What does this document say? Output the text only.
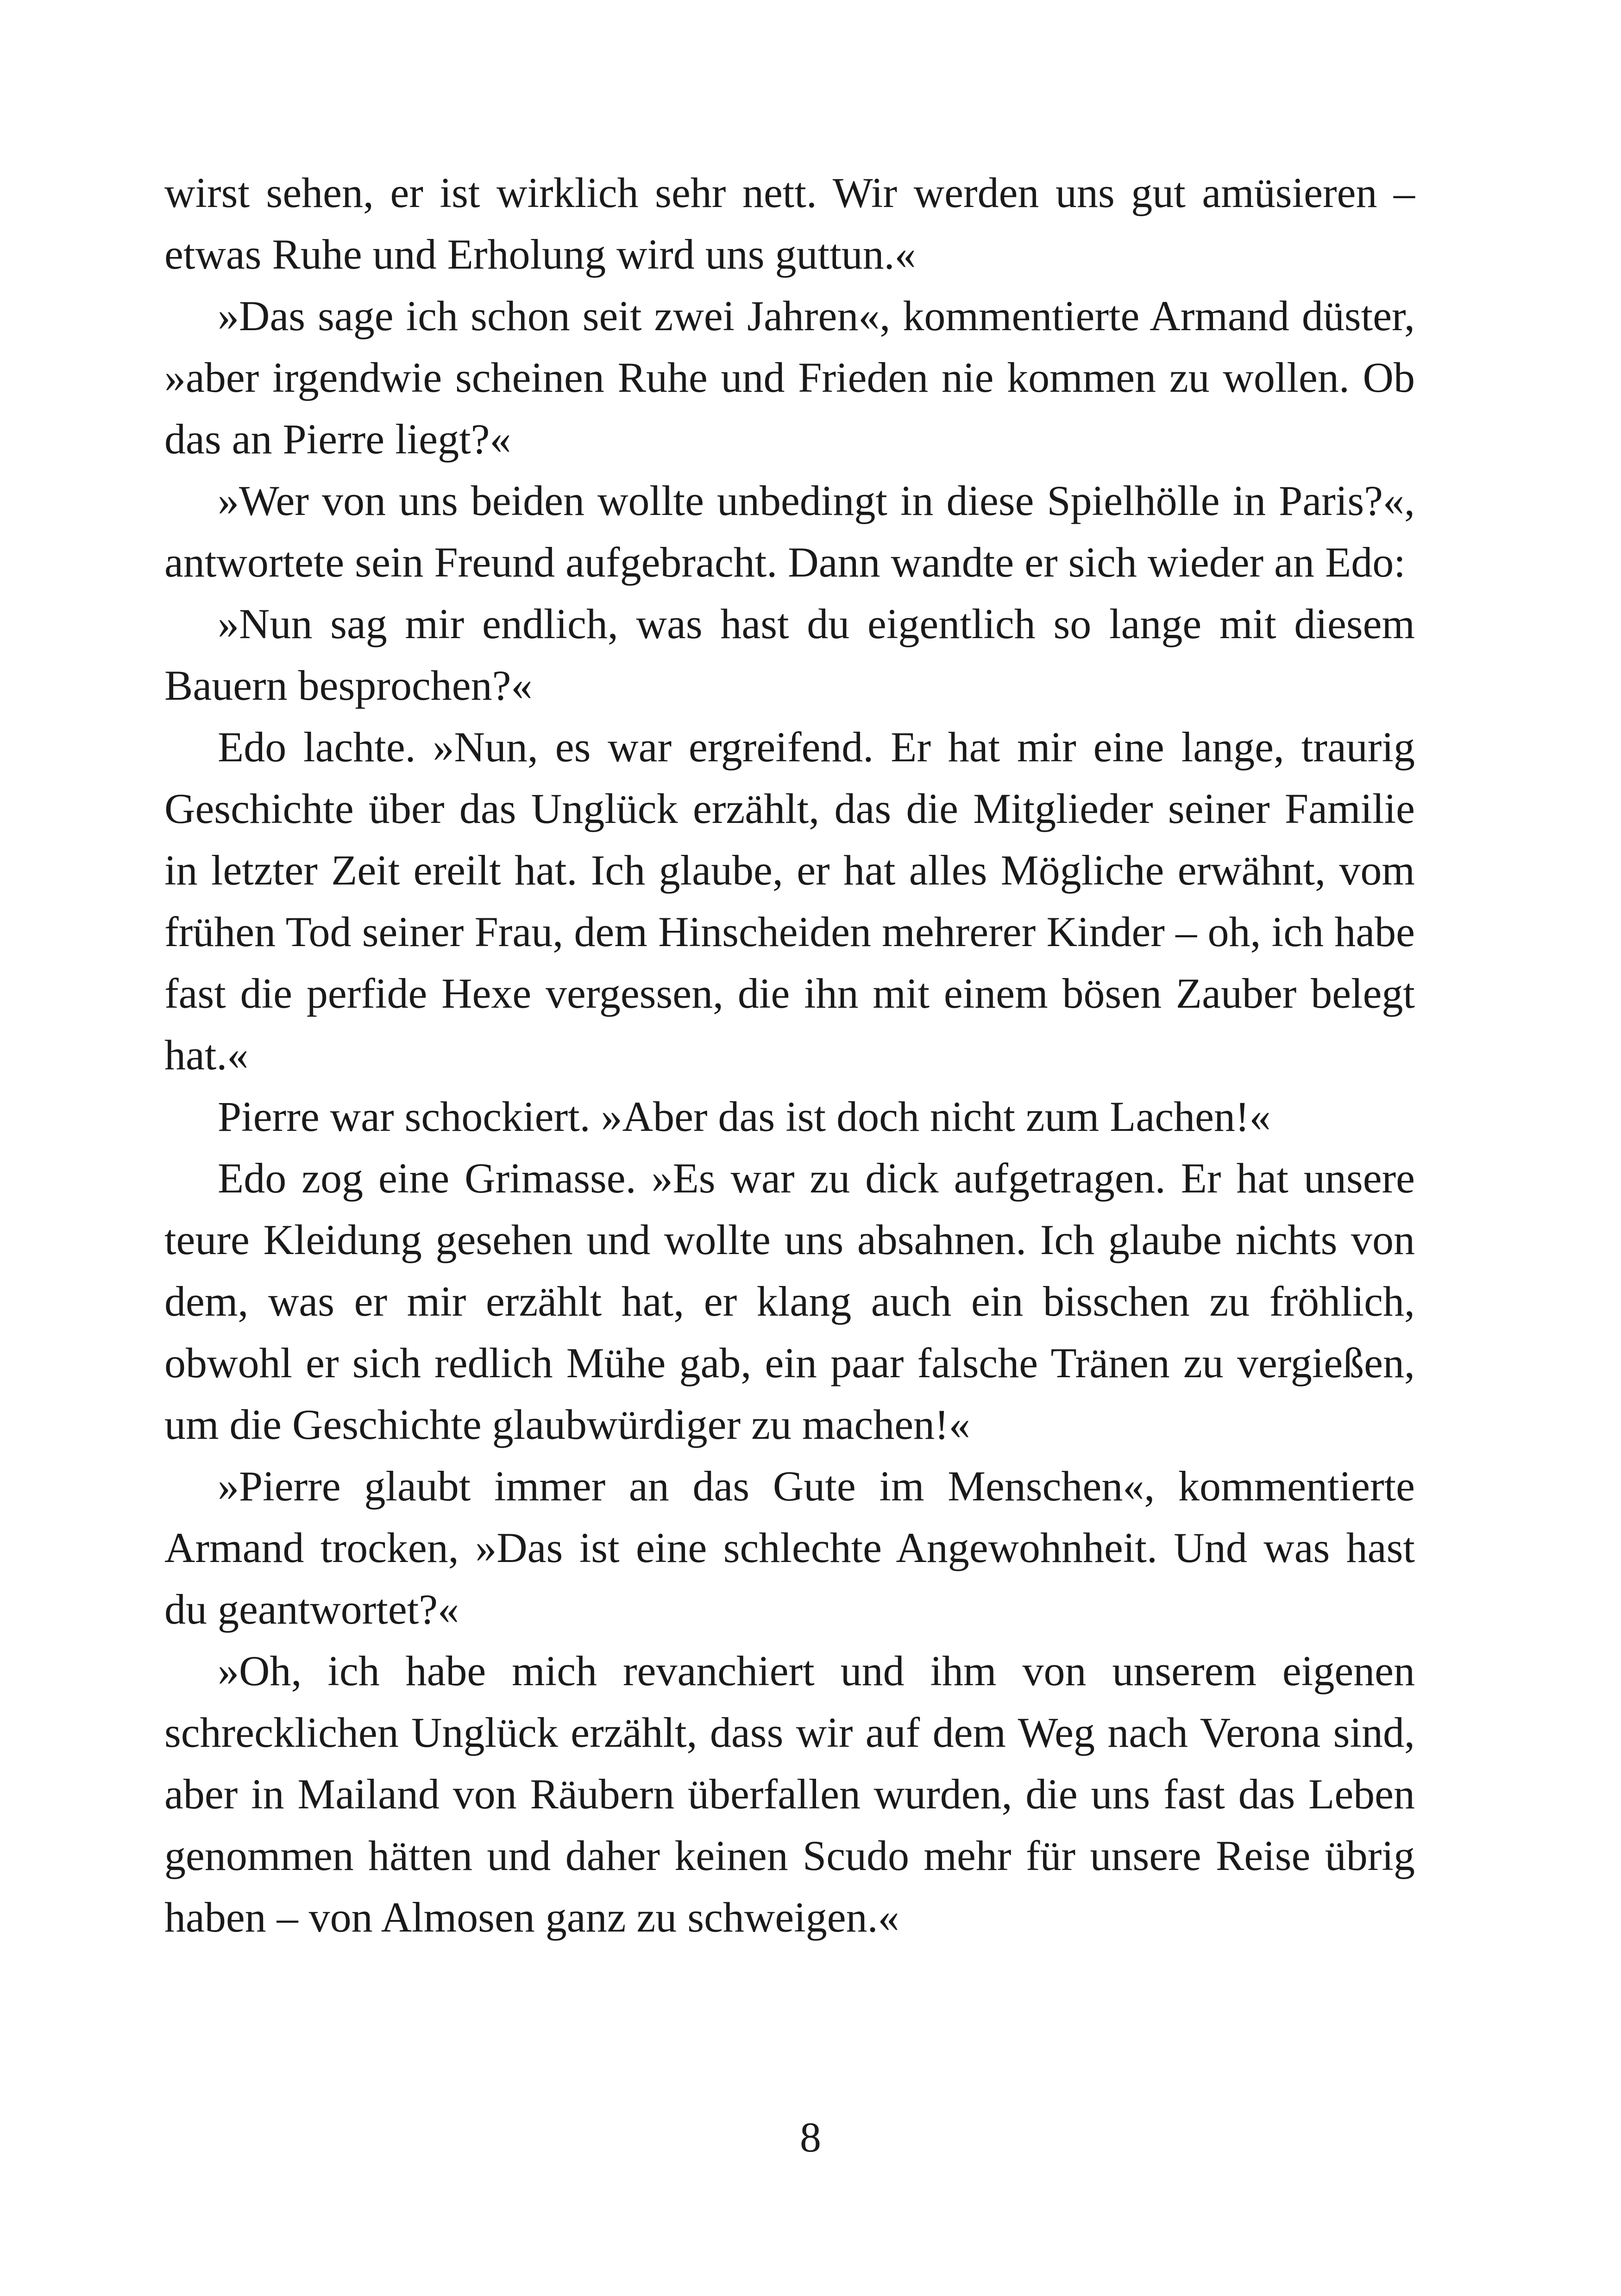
wirst sehen, er ist wirklich sehr nett. Wir werden uns gut amüsieren – etwas Ruhe und Erholung wird uns guttun.«

»Das sage ich schon seit zwei Jahren«, kommentierte Armand düster, »aber irgendwie scheinen Ruhe und Frieden nie kommen zu wollen. Ob das an Pierre liegt?«

»Wer von uns beiden wollte unbedingt in diese Spielhölle in Paris?«, antwortete sein Freund aufgebracht. Dann wandte er sich wieder an Edo:

»Nun sag mir endlich, was hast du eigentlich so lange mit diesem Bauern besprochen?«

Edo lachte. »Nun, es war ergreifend. Er hat mir eine lange, traurig Geschichte über das Unglück erzählt, das die Mitglieder seiner Familie in letzter Zeit ereilt hat. Ich glaube, er hat alles Mögliche erwähnt, vom frühen Tod seiner Frau, dem Hinscheiden mehrerer Kinder – oh, ich habe fast die perfide Hexe vergessen, die ihn mit einem bösen Zauber belegt hat.«

Pierre war schockiert. »Aber das ist doch nicht zum Lachen!«

Edo zog eine Grimasse. »Es war zu dick aufgetragen. Er hat unsere teure Kleidung gesehen und wollte uns absahnen. Ich glaube nichts von dem, was er mir erzählt hat, er klang auch ein bisschen zu fröhlich, obwohl er sich redlich Mühe gab, ein paar falsche Tränen zu vergießen, um die Geschichte glaubwürdiger zu machen!«

»Pierre glaubt immer an das Gute im Menschen«, kommentierte Armand trocken, »Das ist eine schlechte Angewohnheit. Und was hast du geantwortet?«

»Oh, ich habe mich revanchiert und ihm von unserem eigenen schrecklichen Unglück erzählt, dass wir auf dem Weg nach Verona sind, aber in Mailand von Räubern überfallen wurden, die uns fast das Leben genommen hätten und daher keinen Scudo mehr für unsere Reise übrig haben – von Almosen ganz zu schweigen.«

8
